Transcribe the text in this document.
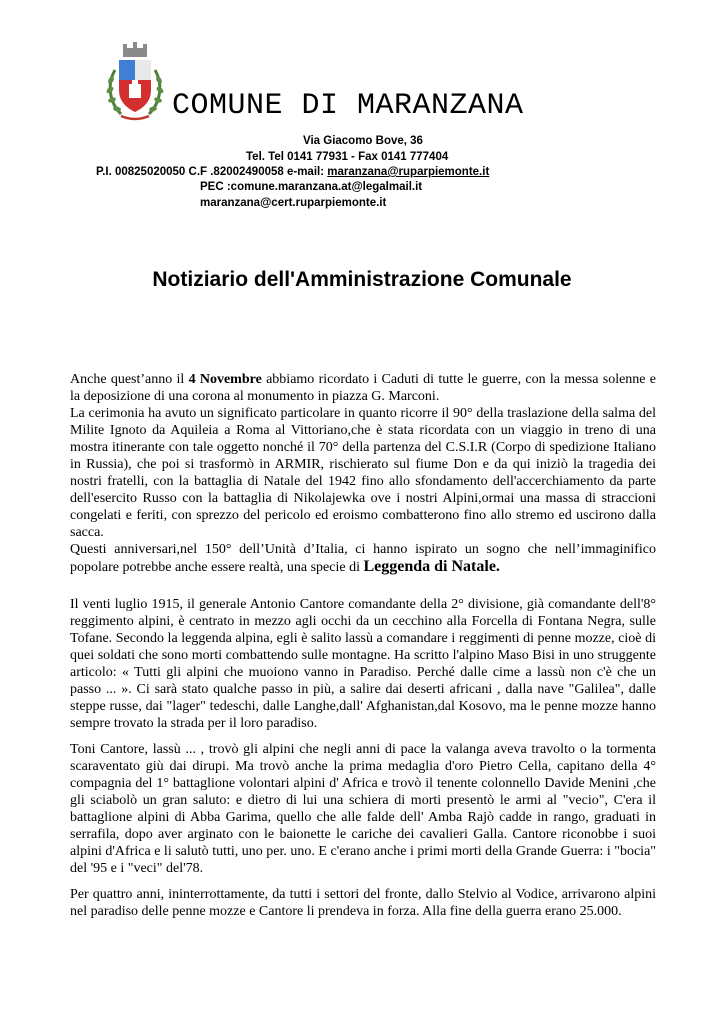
COMUNE DI MARANZANA
Via Giacomo Bove, 36
Tel. Tel 0141 77931 - Fax 0141 777404
P.I. 00825020050 C.F .82002490058 e-mail: maranzana@ruparpiemonte.it
PEC :comune.maranzana.at@legalmail.it
maranzana@cert.ruparpiemonte.it
Notiziario dell'Amministrazione Comunale

Anche quest’anno il 4 Novembre abbiamo ricordato i Caduti di tutte le guerre, con la messa solenne e la deposizione di una corona al monumento in piazza G. Marconi.

La cerimonia ha avuto un significato particolare in quanto ricorre il 90° della traslazione della salma del Milite Ignoto da Aquileia a Roma al Vittoriano,che è stata ricordata con un viaggio in treno di una mostra itinerante con tale oggetto nonché il 70° della partenza del C.S.I.R (Corpo di spedizione Italiano in Russia), che poi si trasformò in ARMIR, rischierato sul fiume Don e da qui iniziò la tragedia dei nostri fratelli, con la battaglia di Natale del 1942 fino allo sfondamento dell'accerchiamento da parte dell'esercito Russo con la battaglia di Nikolajewka ove i nostri Alpini,ormai una massa di straccioni congelati e feriti, con sprezzo del pericolo ed eroismo combatterono fino allo stremo ed uscirono dalla sacca.

Questi anniversari,nel 150° dell’Unità d’Italia, ci hanno ispirato un sogno che nell’immaginifico popolare potrebbe anche essere realtà, una specie di Leggenda di Natale.

Il venti luglio 1915, il generale Antonio Cantore comandante della 2° divisione, già comandante dell'8° reggimento alpini, è centrato in mezzo agli occhi da un cecchino alla Forcella di Fontana Negra, sulle Tofane. Secondo la leggenda alpina, egli è salito lassù a comandare i reggimenti di penne mozze, cioè di quei soldati che sono morti combattendo sulle montagne. Ha scritto l'alpino Maso Bisi in uno struggente articolo: « Tutti gli alpini che muoiono vanno in Paradiso. Perché dalle cime a lassù non c'è che un passo ... ». Ci sarà stato qualche passo in più, a salire dai deserti africani , dalla nave "Galilea", dalle steppe russe, dai "lager" tedeschi, dalle Langhe,dall' Afghanistan,dal Kosovo, ma le penne mozze hanno sempre trovato la strada per il loro paradiso.

Toni Cantore, lassù ... , trovò gli alpini che negli anni di pace la valanga aveva travolto o la tormenta scaraventato giù dai dirupi. Ma trovò anche la prima medaglia d'oro Pietro Cella, capitano della 4° compagnia del 1° battaglione volontari alpini d' Africa e trovò il tenente colonnello Davide Menini ,che gli sciabolò un gran saluto: e dietro di lui una schiera di morti presentò le armi al "vecio", C'era il battaglione alpini di Abba Garima, quello che alle falde dell' Amba Rajò cadde in rango, graduati in serrafila, dopo aver arginato con le baionette le cariche dei cavalieri Galla. Cantore riconobbe i suoi alpini d'Africa e li salutò tutti, uno per. uno. E c'erano anche i primi morti della Grande Guerra: i "bocia" del '95 e i "veci" del'78.

Per quattro anni, ininterrottamente, da tutti i settori del fronte, dallo Stelvio al Vodice, arrivarono alpini nel paradiso delle penne mozze e Cantore li prendeva in forza. Alla fine della guerra erano 25.000.
